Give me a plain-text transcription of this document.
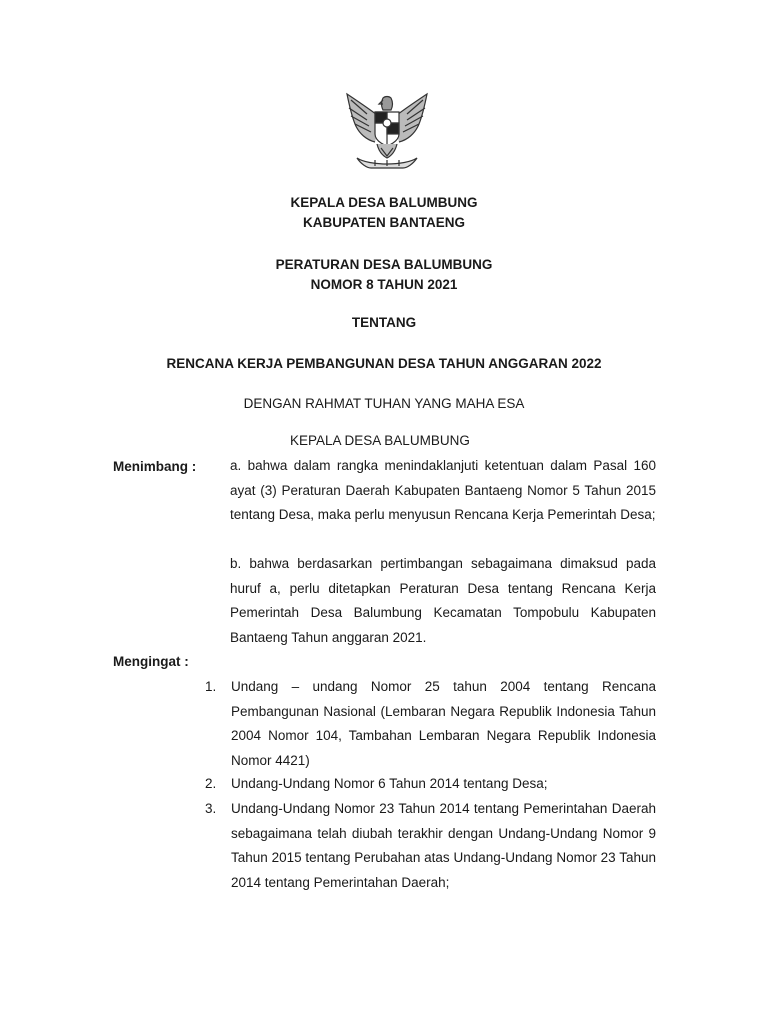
KEPALA DESA BALUMBUNG
KABUPATEN BANTAENG
PERATURAN DESA BALUMBUNG
NOMOR 8 TAHUN 2021
TENTANG
RENCANA KERJA PEMBANGUNAN DESA TAHUN ANGGARAN 2022
DENGAN RAHMAT TUHAN YANG MAHA ESA
KEPALA DESA BALUMBUNG
Menimbang :	a. bahwa dalam rangka menindaklanjuti ketentuan dalam Pasal 160 ayat (3) Peraturan Daerah Kabupaten Bantaeng Nomor 5 Tahun 2015 tentang Desa, maka perlu menyusun Rencana Kerja Pemerintah Desa;
b. bahwa berdasarkan pertimbangan sebagaimana dimaksud pada huruf a, perlu ditetapkan Peraturan Desa tentang Rencana Kerja Pemerintah Desa Balumbung Kecamatan Tompobulu Kabupaten Bantaeng Tahun anggaran 2021.
Mengingat :
1.	Undang – undang Nomor 25 tahun 2004 tentang Rencana Pembangunan Nasional (Lembaran Negara Republik Indonesia Tahun 2004 Nomor 104, Tambahan Lembaran Negara Republik Indonesia Nomor 4421)
2.	Undang-Undang Nomor 6 Tahun 2014 tentang Desa;
3.	Undang-Undang Nomor 23 Tahun 2014 tentang Pemerintahan Daerah sebagaimana telah diubah terakhir dengan Undang-Undang Nomor 9 Tahun 2015 tentang Perubahan atas Undang-Undang Nomor 23 Tahun 2014 tentang Pemerintahan Daerah;
